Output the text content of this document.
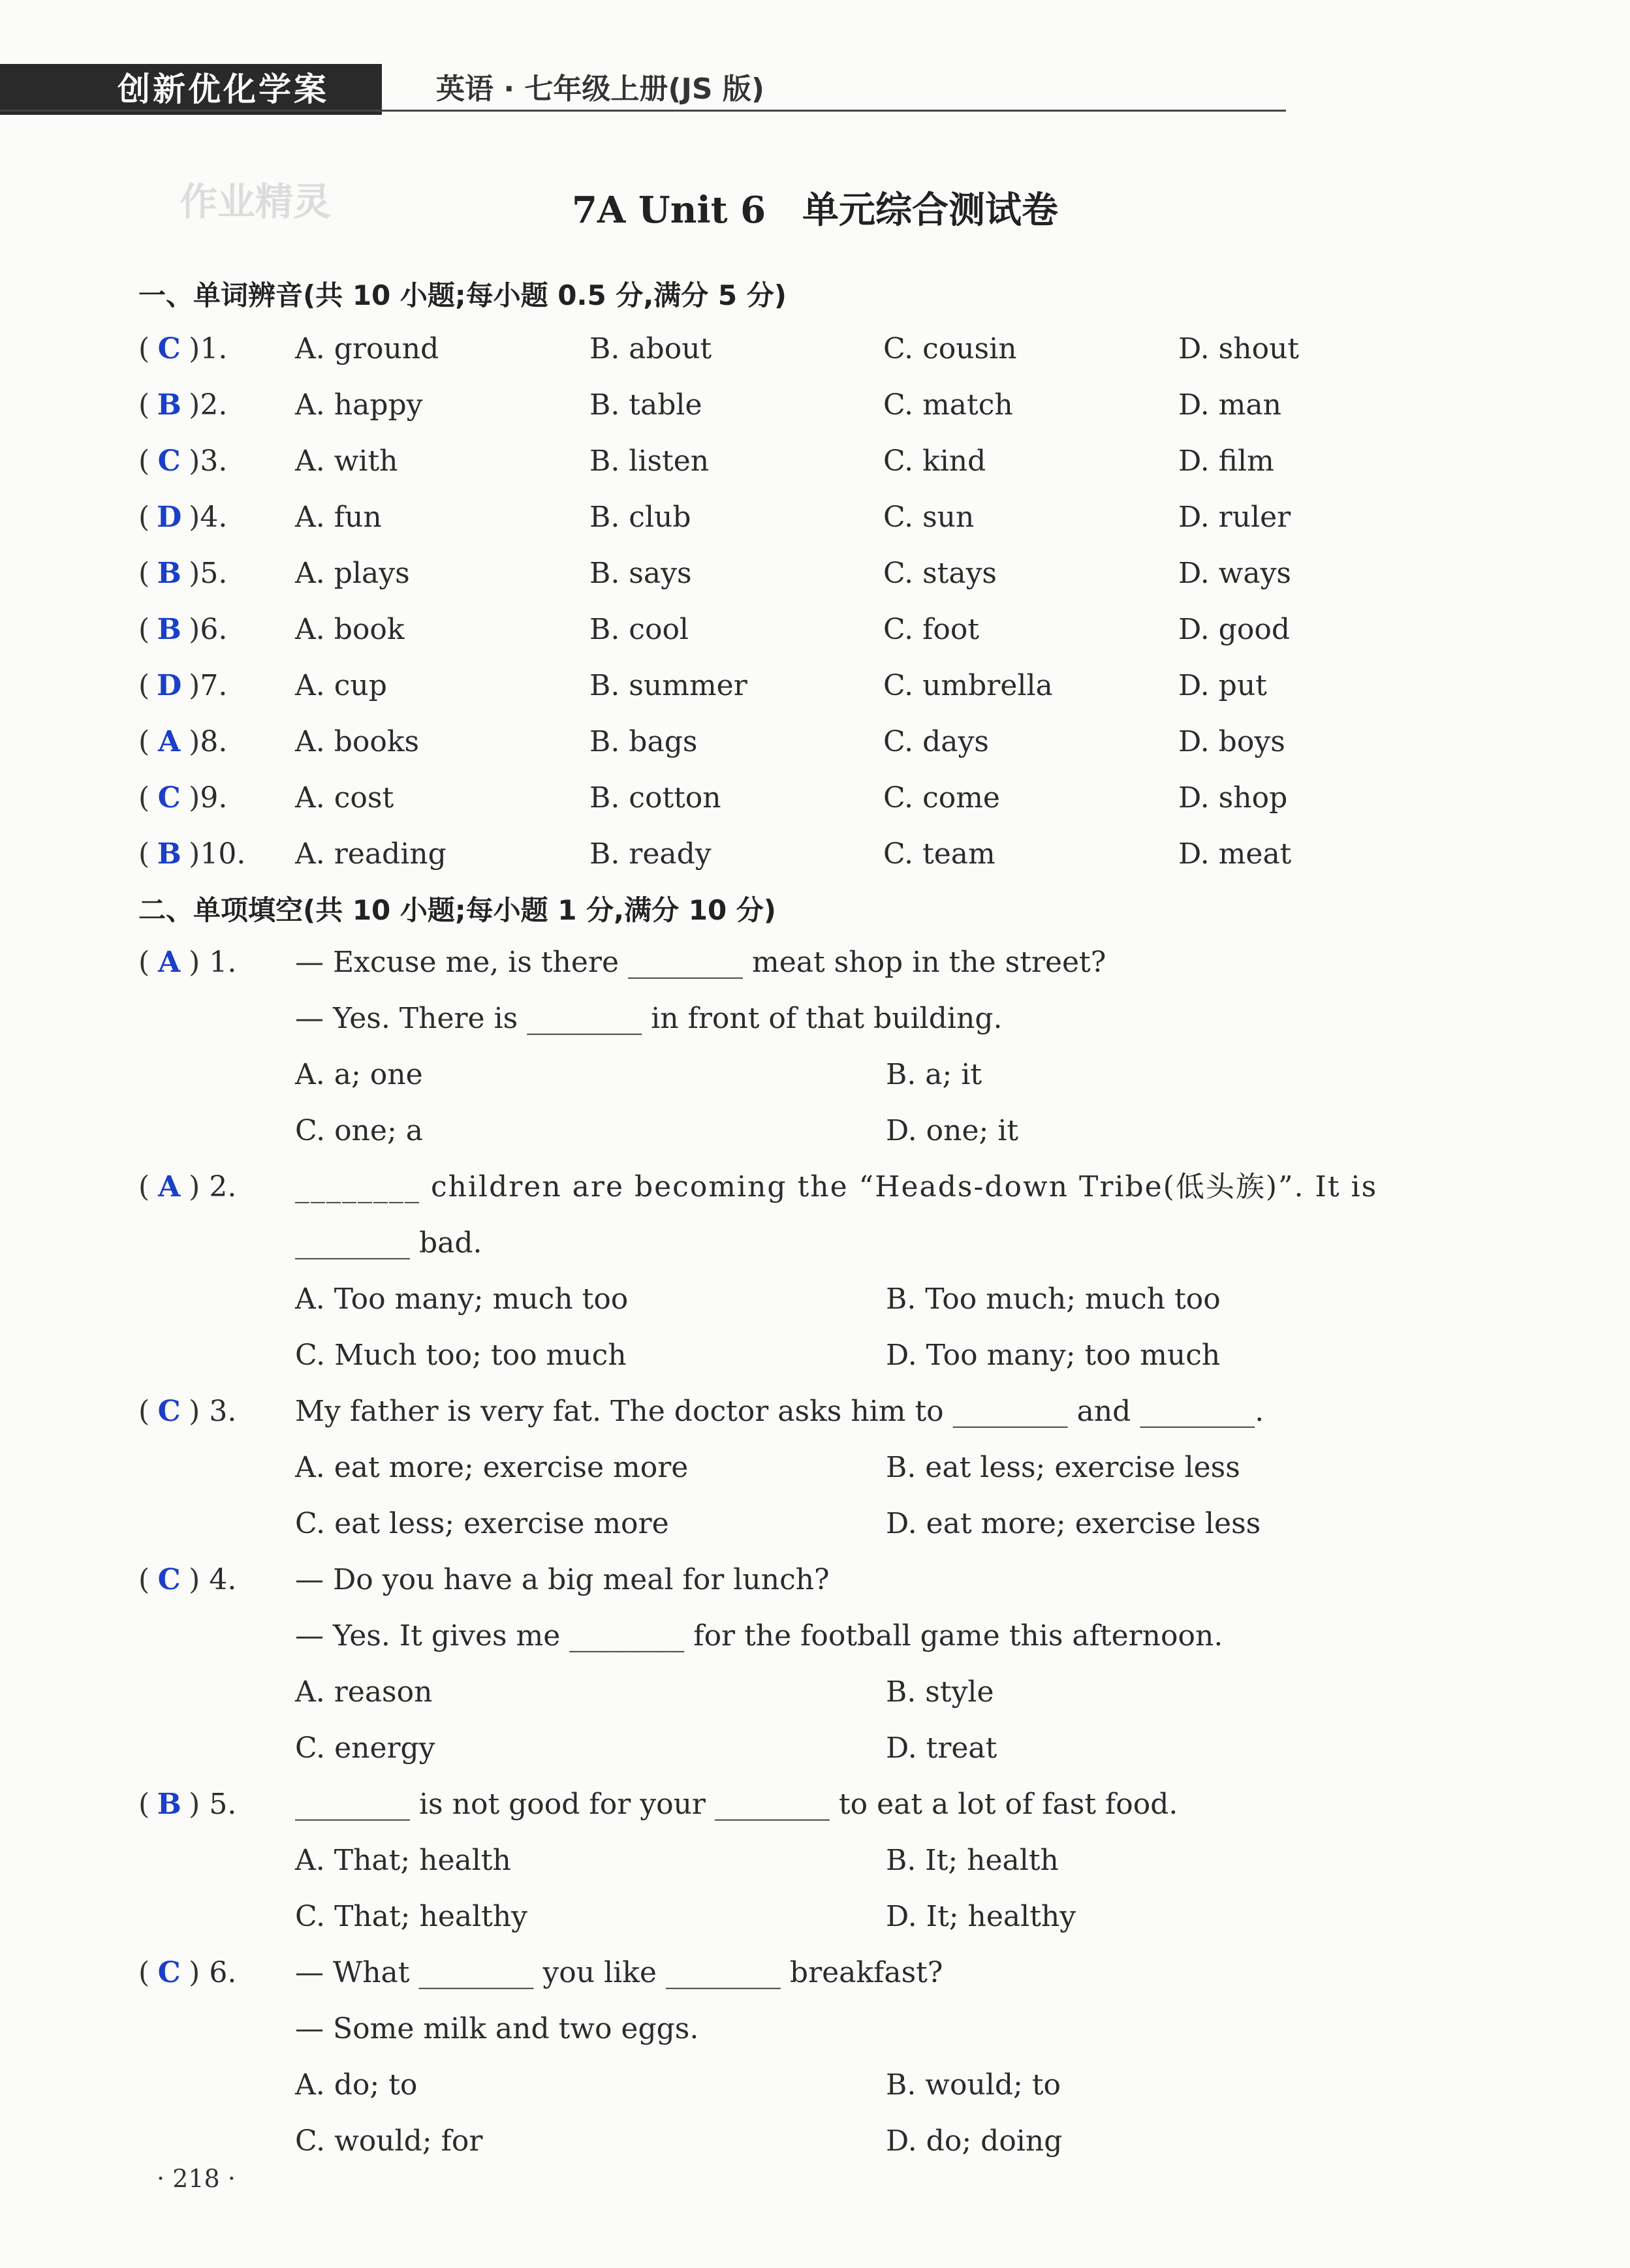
创新优化学案	英语 · 七年级上册(JS 版)
作业精灵	7A Unit 6　单元综合测试卷
一、单词辨音(共 10 小题;每小题 0.5 分,满分 5 分)
( C )1. A. ground	B. about	C. cousin	D. shout
( B )2. A. happy	B. table	C. match	D. man
( C )3. A. with	B. listen	C. kind	D. film
( D )4. A. fun	B. club	C. sun	D. ruler
( B )5. A. plays	B. says	C. stays	D. ways
( B )6. A. book	B. cool	C. foot	D. good
( D )7. A. cup	B. summer	C. umbrella	D. put
( A )8. A. books	B. bags	C. days	D. boys
( C )9. A. cost	B. cotton	C. come	D. shop
( B )10. A. reading	B. ready	C. team	D. meat
二、单项填空(共 10 小题;每小题 1 分,满分 10 分)
( A ) 1. — Excuse me, is there ________ meat shop in the street?
— Yes. There is ________ in front of that building.
A. a; one	B. a; it
C. one; a	D. one; it
( A ) 2. ________ children are becoming the “Heads-down Tribe(低头族)”. It is
________ bad.
A. Too many; much too	B. Too much; much too
C. Much too; too much	D. Too many; too much
( C ) 3. My father is very fat. The doctor asks him to ________ and ________.
A. eat more; exercise more	B. eat less; exercise less
C. eat less; exercise more	D. eat more; exercise less
( C ) 4. — Do you have a big meal for lunch?
— Yes. It gives me ________ for the football game this afternoon.
A. reason	B. style
C. energy	D. treat
( B ) 5. ________ is not good for your ________ to eat a lot of fast food.
A. That; health	B. It; health
C. That; healthy	D. It; healthy
( C ) 6. — What ________ you like ________ breakfast?
— Some milk and two eggs.
A. do; to	B. would; to
C. would; for	D. do; doing
· 218 ·
